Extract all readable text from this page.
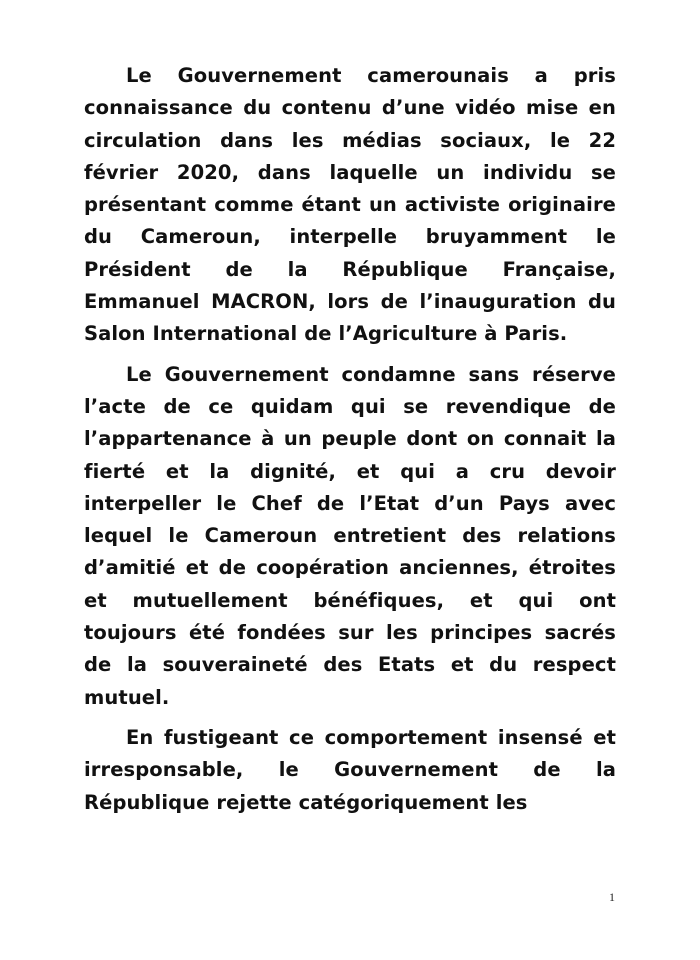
Le Gouvernement camerounais a pris connaissance du contenu d’une vidéo mise en circulation dans les médias sociaux, le 22 février 2020, dans laquelle un individu se présentant comme étant un activiste originaire du Cameroun, interpelle bruyamment le Président de la République Française, Emmanuel MACRON, lors de l’inauguration du Salon International de l’Agriculture à Paris.

Le Gouvernement condamne sans réserve l’acte de ce quidam qui se revendique de l’appartenance à un peuple dont on connait la fierté et la dignité, et qui a cru devoir interpeller le Chef de l’Etat d’un Pays avec lequel le Cameroun entretient des relations d’amitié et de coopération anciennes, étroites et mutuellement bénéfiques, et qui ont toujours été fondées sur les principes sacrés de la souveraineté des Etats et du respect mutuel.

En fustigeant ce comportement insensé et irresponsable, le Gouvernement de la République rejette catégoriquement les

1
